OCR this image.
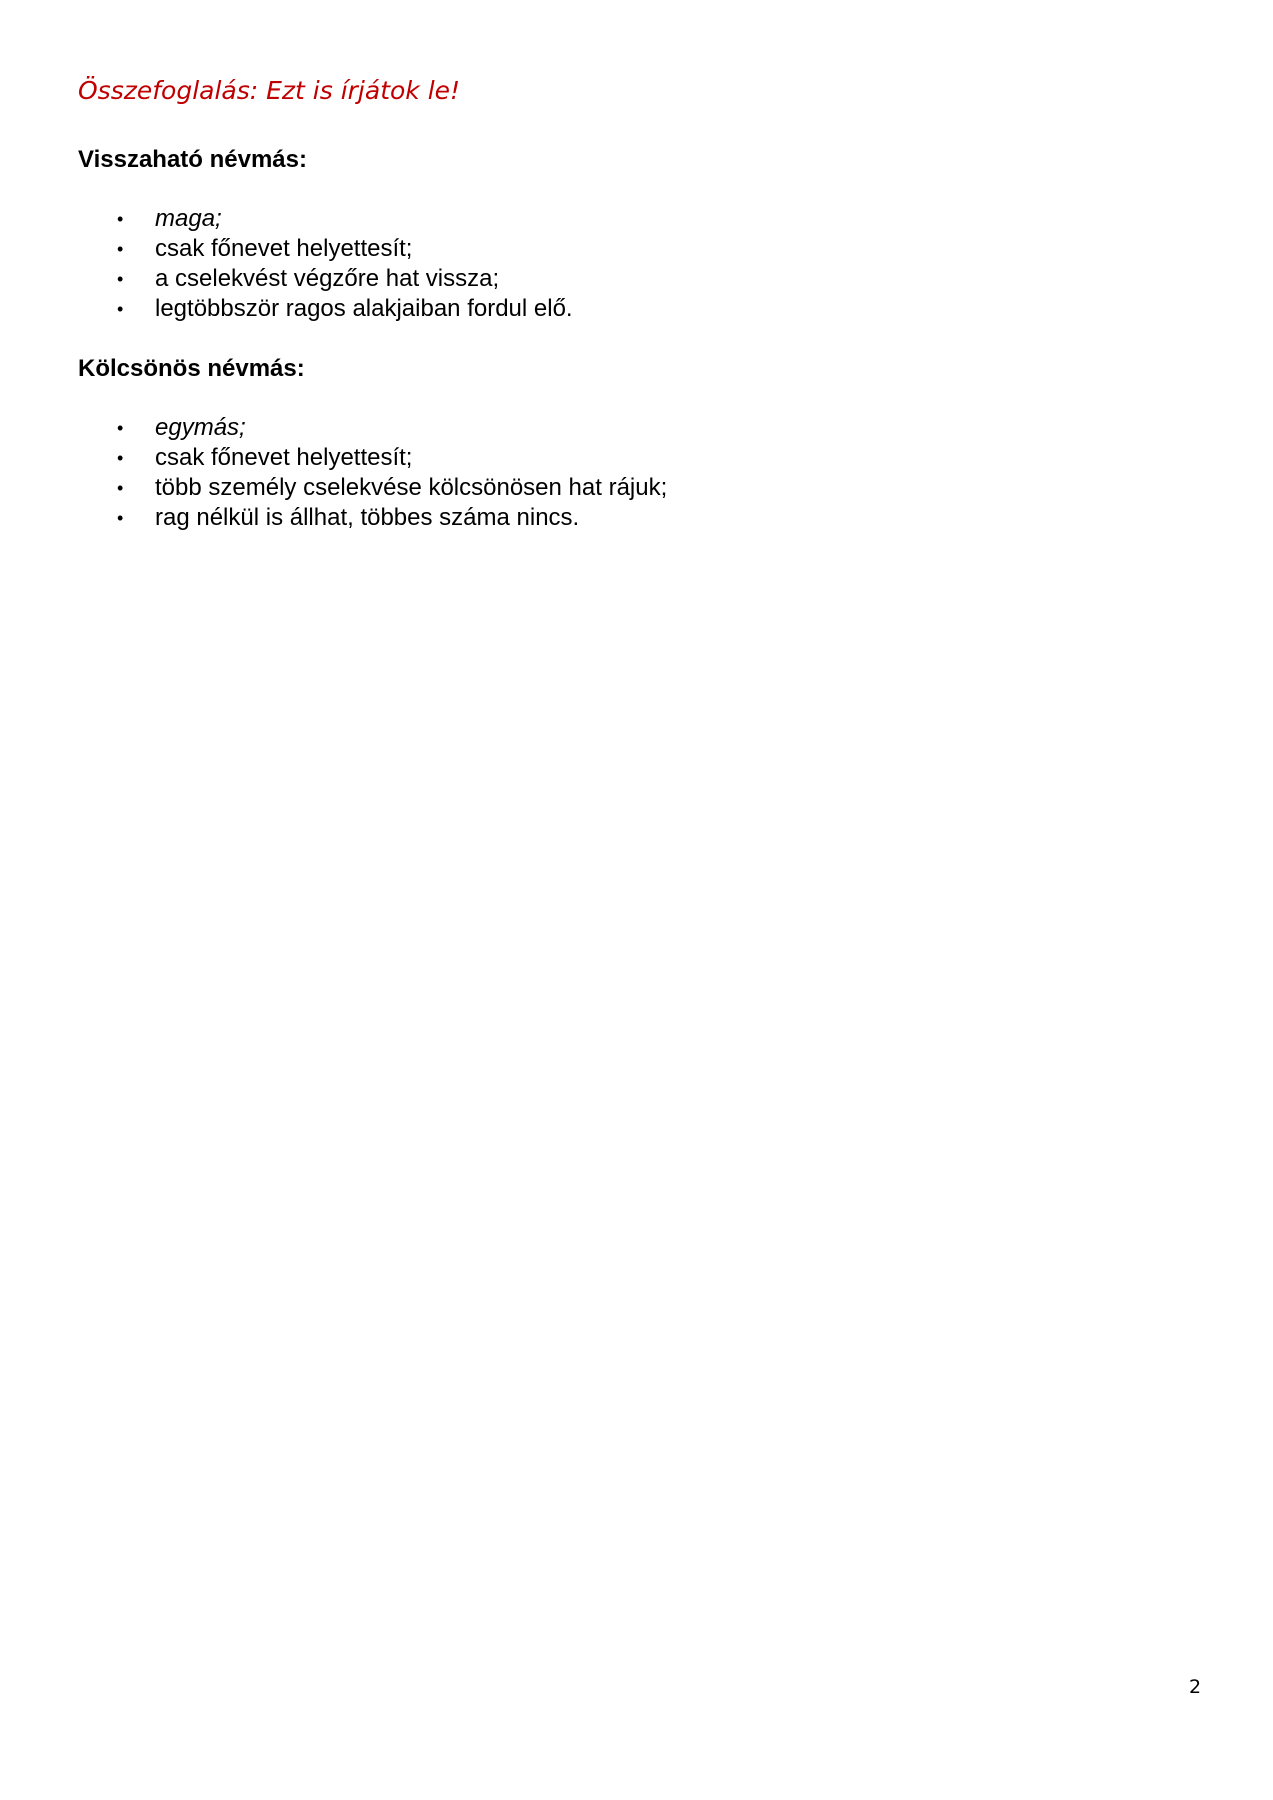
Összefoglalás: Ezt is írjátok le!
Visszaható névmás:
• maga;
• csak főnevet helyettesít;
• a cselekvést végzőre hat vissza;
• legtöbbször ragos alakjaiban fordul elő.
Kölcsönös névmás:
• egymás;
• csak főnevet helyettesít;
• több személy cselekvése kölcsönösen hat rájuk;
• rag nélkül is állhat, többes száma nincs.
2
